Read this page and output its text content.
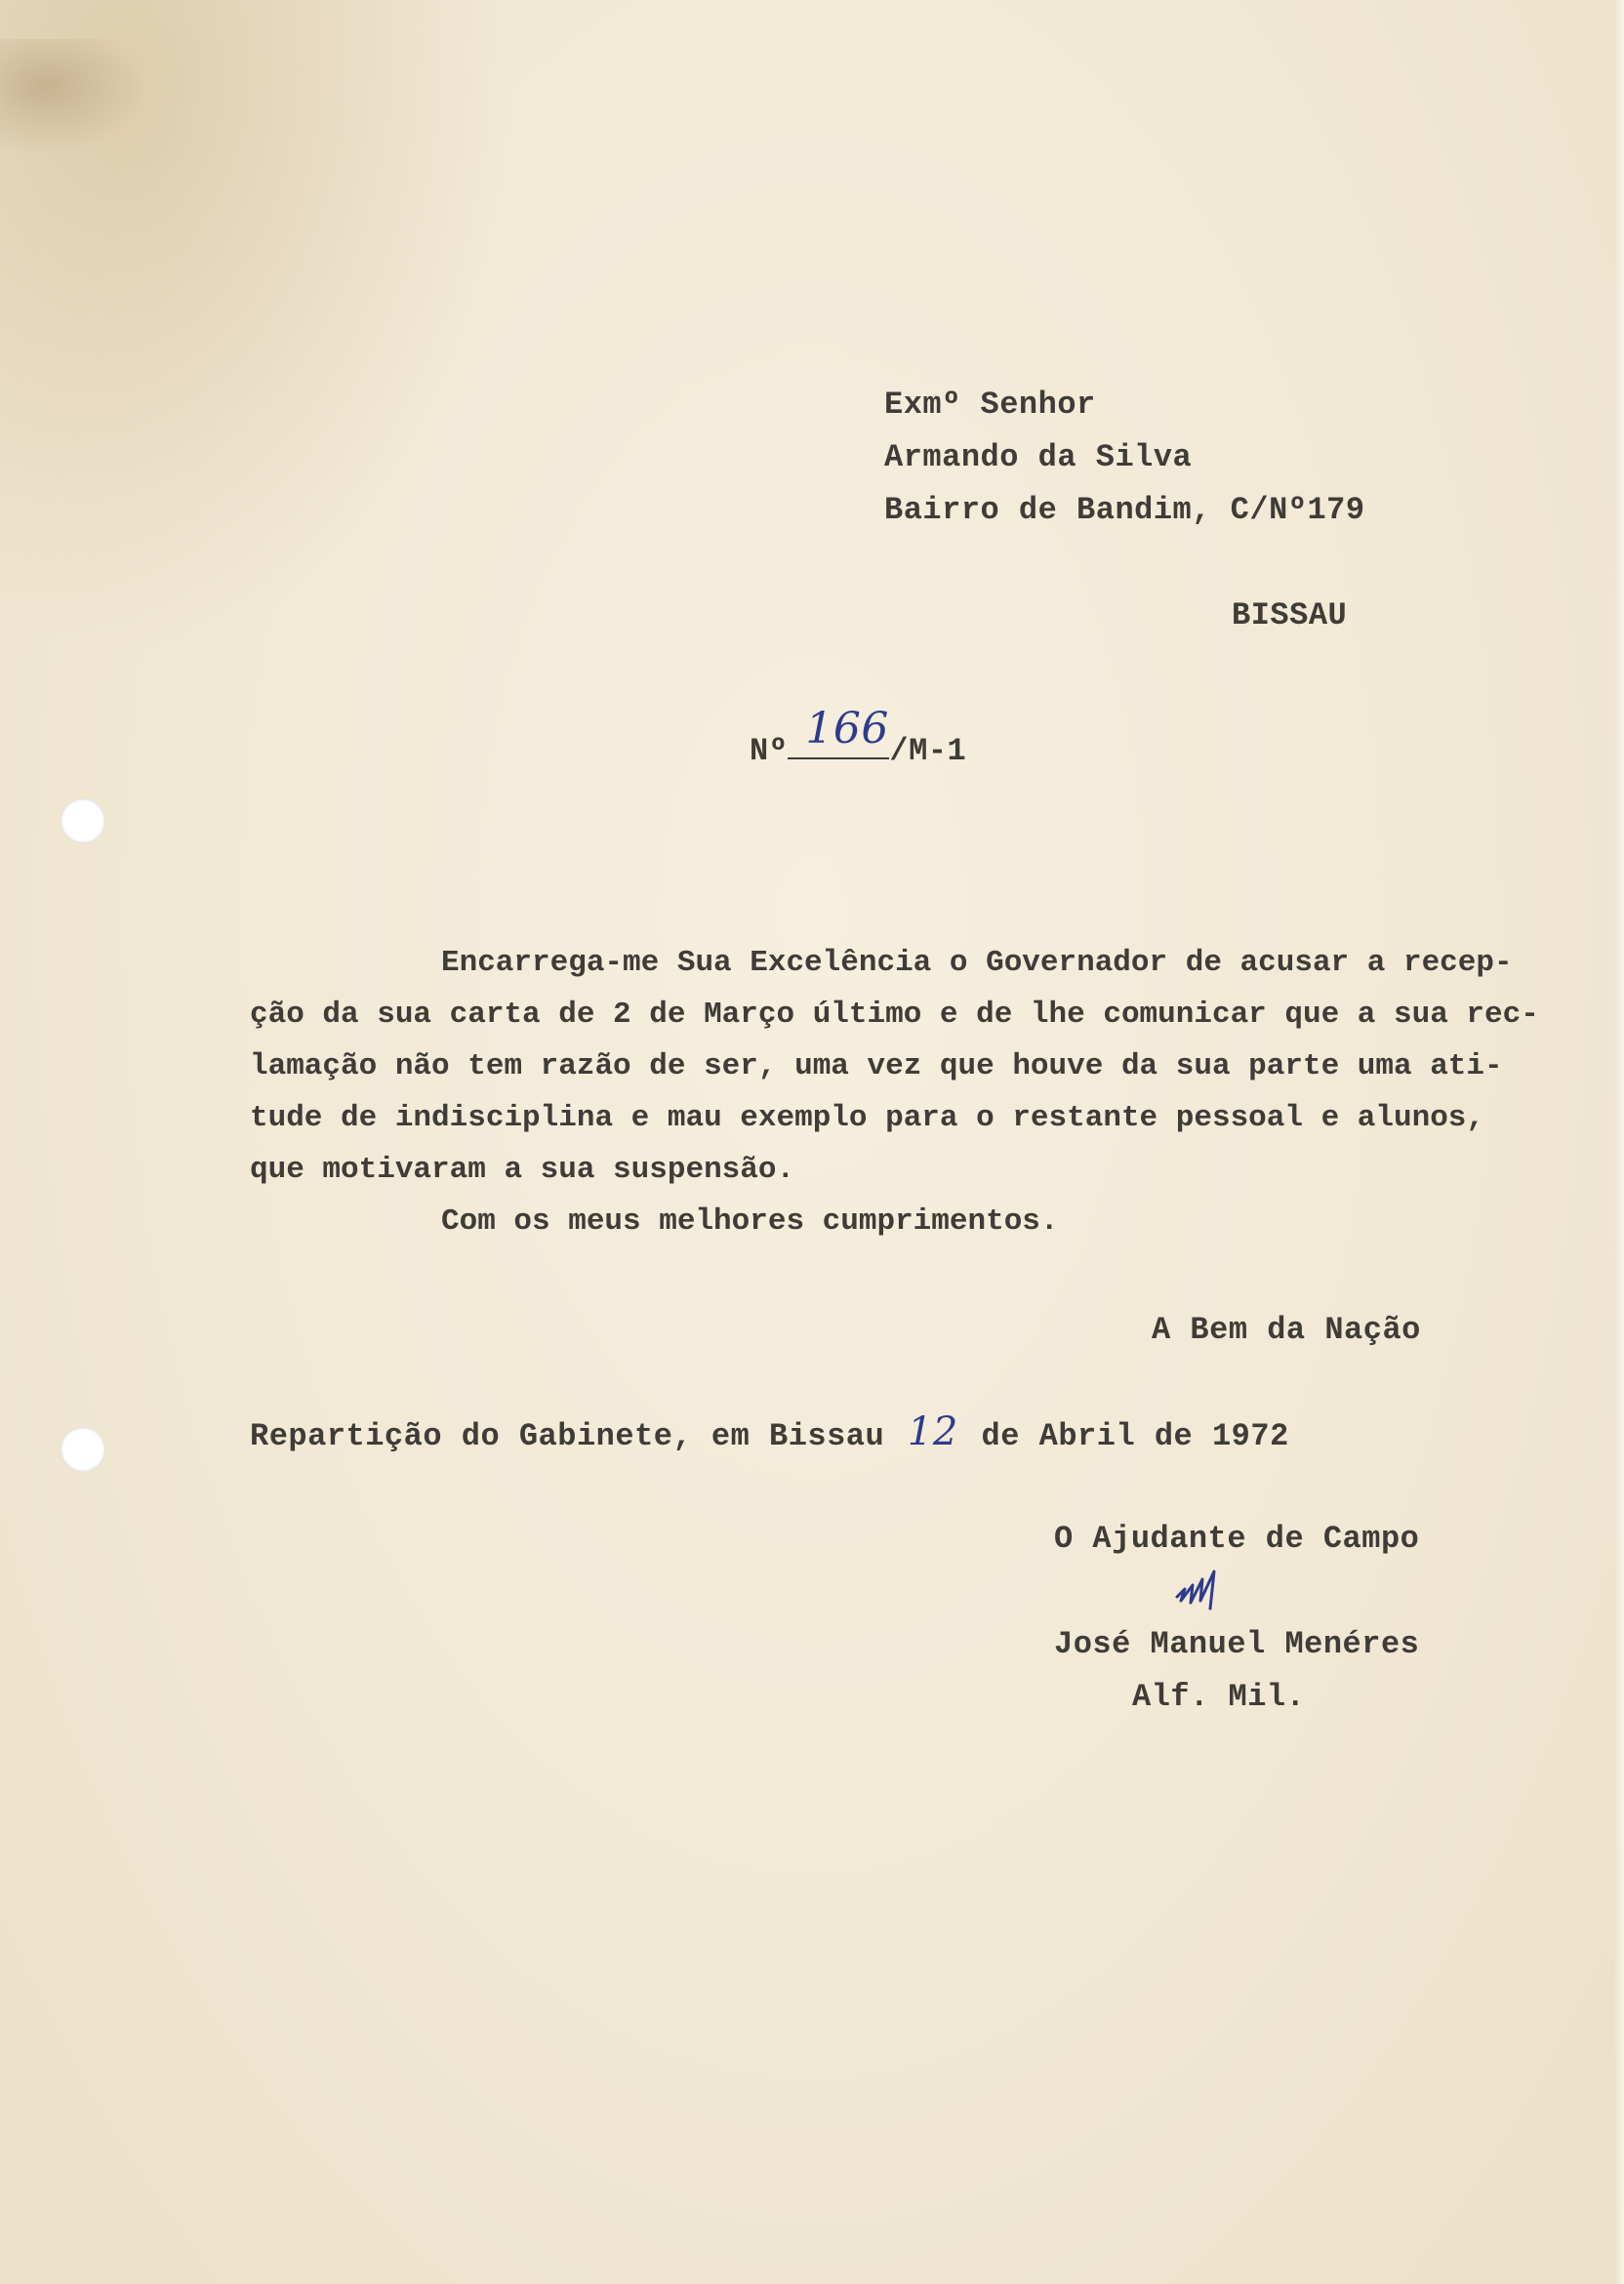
Exmº Senhor

Armando da Silva

Bairro de Bandim, C/Nº179

BISSAU

Nº 166 /M-1
Encarrega-me Sua Excelência o Governador de acusar a recep-
ção da sua carta de 2 de Março último e de lhe comunicar que a sua rec-
lamação não tem razão de ser, uma vez que houve da sua parte uma ati-
tude de indisciplina e mau exemplo para o restante pessoal e alunos,
que motivaram a sua suspensão.
Com os meus melhores cumprimentos.

A Bem da Nação

Repartição do Gabinete, em Bissau 12 de Abril de 1972

O Ajudante de Campo

José Manuel Menéres

Alf. Mil.
